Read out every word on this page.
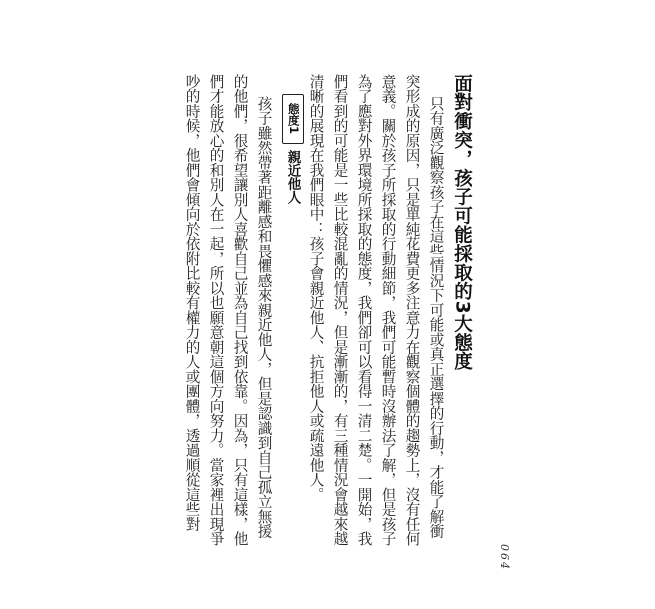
面對衝突，孩子可能採取的3大態度
只有廣泛觀察孩子在這些情況下可能或真正選擇的行動，才能了解衝
突形成的原因，只是單純花費更多注意力在觀察個體的趨勢上，沒有任何
意義。關於孩子所採取的行動細節，我們可能暫時沒辦法了解，但是孩子
為了應對外界環境所採取的態度，我們卻可以看得一清二楚。一開始，我
們看到的可能是一些比較混亂的情況，但是漸漸的，有三種情況會越來越
清晰的展現在我們眼中：孩子會親近他人、抗拒他人或疏遠他人。
態度1
親近他人
孩子雖然帶著距離感和畏懼感來親近他人，但是認識到自己孤立無援
的他們，很希望讓別人喜歡自己並為自己找到依靠。因為，只有這樣，他
們才能放心的和別人在一起，所以也願意朝這個方向努力。當家裡出現爭
吵的時候，他們會傾向於依附比較有權力的人或團體，透過順從這些對
064
